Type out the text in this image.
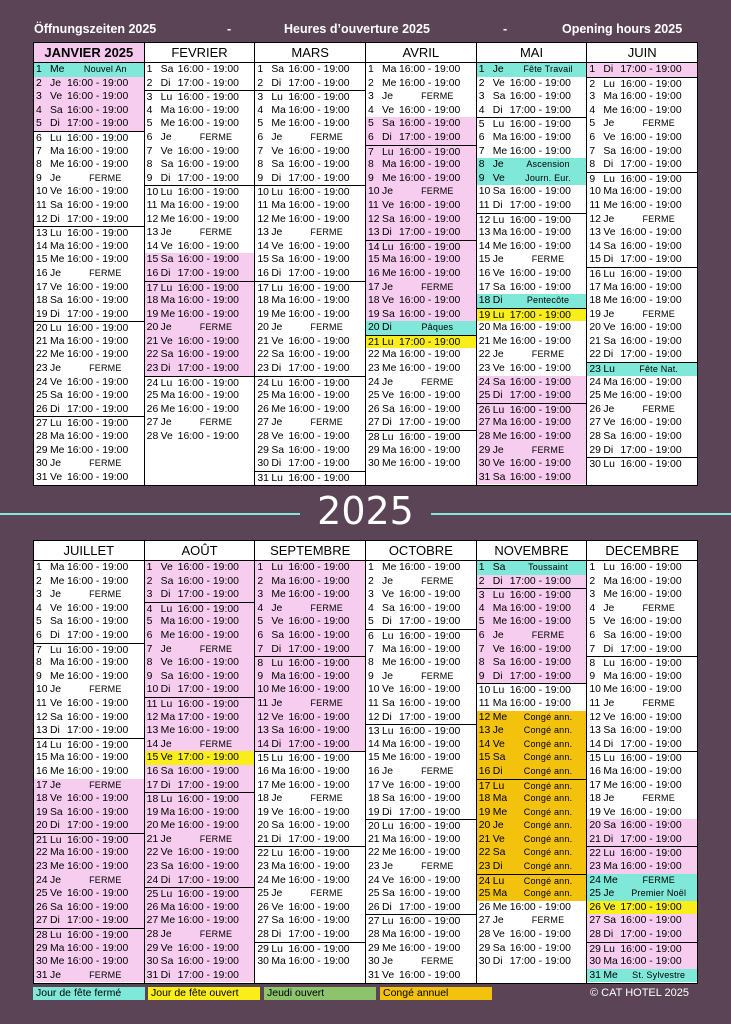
Öffnungszeiten 2025	-	Heures d’ouverture 2025	-	Opening hours 2025
JANVIER 2025
1 Me	Nouvel An
2 Je 16:00 - 19:00
3 Ve 16:00 - 19:00
4 Sa 16:00 - 19:00
5 Di 17:00 - 19:00
6 Lu 16:00 - 19:00
7 Ma 16:00 - 19:00
8 Me 16:00 - 19:00
9 Je	FERME
10 Ve 16:00 - 19:00
11 Sa 16:00 - 19:00
12 Di 17:00 - 19:00
13 Lu 16:00 - 19:00
14 Ma 16:00 - 19:00
15 Me 16:00 - 19:00
16 Je	FERME
17 Ve 16:00 - 19:00
18 Sa 16:00 - 19:00
19 Di 17:00 - 19:00
20 Lu 16:00 - 19:00
21 Ma 16:00 - 19:00
22 Me 16:00 - 19:00
23 Je	FERME
24 Ve 16:00 - 19:00
25 Sa 16:00 - 19:00
26 Di 17:00 - 19:00
27 Lu 16:00 - 19:00
28 Ma 16:00 - 19:00
29 Me 16:00 - 19:00
30 Je	FERME
31 Ve 16:00 - 19:00
FEVRIER
1 Sa 16:00 - 19:00
2 Di 17:00 - 19:00
3 Lu 16:00 - 19:00
4 Ma 16:00 - 19:00
5 Me 16:00 - 19:00
6 Je	FERME
7 Ve 16:00 - 19:00
8 Sa 16:00 - 19:00
9 Di 17:00 - 19:00
10 Lu 16:00 - 19:00
11 Ma 16:00 - 19:00
12 Me 16:00 - 19:00
13 Je	FERME
14 Ve 16:00 - 19:00
15 Sa 16:00 - 19:00
16 Di 17:00 - 19:00
17 Lu 16:00 - 19:00
18 Ma 16:00 - 19:00
19 Me 16:00 - 19:00
20 Je	FERME
21 Ve 16:00 - 19:00
22 Sa 16:00 - 19:00
23 Di 17:00 - 19:00
24 Lu 16:00 - 19:00
25 Ma 16:00 - 19:00
26 Me 16:00 - 19:00
27 Je	FERME
28 Ve 16:00 - 19:00
MARS
1 Sa 16:00 - 19:00
2 Di 17:00 - 19:00
3 Lu 16:00 - 19:00
4 Ma 16:00 - 19:00
5 Me 16:00 - 19:00
6 Je	FERME
7 Ve 16:00 - 19:00
8 Sa 16:00 - 19:00
9 Di 17:00 - 19:00
10 Lu 16:00 - 19:00
11 Ma 16:00 - 19:00
12 Me 16:00 - 19:00
13 Je	FERME
14 Ve 16:00 - 19:00
15 Sa 16:00 - 19:00
16 Di 17:00 - 19:00
17 Lu 16:00 - 19:00
18 Ma 16:00 - 19:00
19 Me 16:00 - 19:00
20 Je	FERME
21 Ve 16:00 - 19:00
22 Sa 16:00 - 19:00
23 Di 17:00 - 19:00
24 Lu 16:00 - 19:00
25 Ma 16:00 - 19:00
26 Me 16:00 - 19:00
27 Je	FERME
28 Ve 16:00 - 19:00
29 Sa 16:00 - 19:00
30 Di 17:00 - 19:00
31 Lu 16:00 - 19:00
AVRIL
1 Ma 16:00 - 19:00
2 Me 16:00 - 19:00
3 Je	FERME
4 Ve 16:00 - 19:00
5 Sa 16:00 - 19:00
6 Di 17:00 - 19:00
7 Lu 16:00 - 19:00
8 Ma 16:00 - 19:00
9 Me 16:00 - 19:00
10 Je	FERME
11 Ve 16:00 - 19:00
12 Sa 16:00 - 19:00
13 Di 17:00 - 19:00
14 Lu 16:00 - 19:00
15 Ma 16:00 - 19:00
16 Me 16:00 - 19:00
17 Je	FERME
18 Ve 16:00 - 19:00
19 Sa 16:00 - 19:00
20 Di	Pâques
21 Lu 17:00 - 19:00
22 Ma 16:00 - 19:00
23 Me 16:00 - 19:00
24 Je	FERME
25 Ve 16:00 - 19:00
26 Sa 16:00 - 19:00
27 Di 17:00 - 19:00
28 Lu 16:00 - 19:00
29 Ma 16:00 - 19:00
30 Me 16:00 - 19:00
MAI
1 Je	Fête Travail
2 Ve 16:00 - 19:00
3 Sa 16:00 - 19:00
4 Di 17:00 - 19:00
5 Lu 16:00 - 19:00
6 Ma 16:00 - 19:00
7 Me 16:00 - 19:00
8 Je	Ascension
9 Ve	Journ. Eur.
10 Sa 16:00 - 19:00
11 Di 17:00 - 19:00
12 Lu 16:00 - 19:00
13 Ma 16:00 - 19:00
14 Me 16:00 - 19:00
15 Je	FERME
16 Ve 16:00 - 19:00
17 Sa 16:00 - 19:00
18 Di	Pentecôte
19 Lu 17:00 - 19:00
20 Ma 16:00 - 19:00
21 Me 16:00 - 19:00
22 Je	FERME
23 Ve 16:00 - 19:00
24 Sa 16:00 - 19:00
25 Di 17:00 - 19:00
26 Lu 16:00 - 19:00
27 Ma 16:00 - 19:00
28 Me 16:00 - 19:00
29 Je	FERME
30 Ve 16:00 - 19:00
31 Sa 16:00 - 19:00
JUIN
1 Di 17:00 - 19:00
2 Lu 16:00 - 19:00
3 Ma 16:00 - 19:00
4 Me 16:00 - 19:00
5 Je	FERME
6 Ve 16:00 - 19:00
7 Sa 16:00 - 19:00
8 Di 17:00 - 19:00
9 Lu 16:00 - 19:00
10 Ma 16:00 - 19:00
11 Me 16:00 - 19:00
12 Je	FERME
13 Ve 16:00 - 19:00
14 Sa 16:00 - 19:00
15 Di 17:00 - 19:00
16 Lu 16:00 - 19:00
17 Ma 16:00 - 19:00
18 Me 16:00 - 19:00
19 Je	FERME
20 Ve 16:00 - 19:00
21 Sa 16:00 - 19:00
22 Di 17:00 - 19:00
23 Lu	Fête Nat.
24 Ma 16:00 - 19:00
25 Me 16:00 - 19:00
26 Je	FERME
27 Ve 16:00 - 19:00
28 Sa 16:00 - 19:00
29 Di 17:00 - 19:00
30 Lu 16:00 - 19:00
2025
JUILLET
1 Ma 16:00 - 19:00
2 Me 16:00 - 19:00
3 Je	FERME
4 Ve 16:00 - 19:00
5 Sa 16:00 - 19:00
6 Di 17:00 - 19:00
7 Lu 16:00 - 19:00
8 Ma 16:00 - 19:00
9 Me 16:00 - 19:00
10 Je	FERME
11 Ve 16:00 - 19:00
12 Sa 16:00 - 19:00
13 Di 17:00 - 19:00
14 Lu 16:00 - 19:00
15 Ma 16:00 - 19:00
16 Me 16:00 - 19:00
17 Je	FERME
18 Ve 16:00 - 19:00
19 Sa 16:00 - 19:00
20 Di 17:00 - 19:00
21 Lu 16:00 - 19:00
22 Ma 16:00 - 19:00
23 Me 16:00 - 19:00
24 Je	FERME
25 Ve 16:00 - 19:00
26 Sa 16:00 - 19:00
27 Di 17:00 - 19:00
28 Lu 16:00 - 19:00
29 Ma 16:00 - 19:00
30 Me 16:00 - 19:00
31 Je	FERME
AOÛT
1 Ve 16:00 - 19:00
2 Sa 16:00 - 19:00
3 Di 17:00 - 19:00
4 Lu 16:00 - 19:00
5 Ma 16:00 - 19:00
6 Me 16:00 - 19:00
7 Je	FERME
8 Ve 16:00 - 19:00
9 Sa 16:00 - 19:00
10 Di 17:00 - 19:00
11 Lu 16:00 - 19:00
12 Ma 17:00 - 19:00
13 Me 16:00 - 19:00
14 Je	FERME
15 Ve 17:00 - 19:00
16 Sa 16:00 - 19:00
17 Di 17:00 - 19:00
18 Lu 16:00 - 19:00
19 Ma 16:00 - 19:00
20 Me 16:00 - 19:00
21 Je	FERME
22 Ve 16:00 - 19:00
23 Sa 16:00 - 19:00
24 Di 17:00 - 19:00
25 Lu 16:00 - 19:00
26 Ma 16:00 - 19:00
27 Me 16:00 - 19:00
28 Je	FERME
29 Ve 16:00 - 19:00
30 Sa 16:00 - 19:00
31 Di 17:00 - 19:00
SEPTEMBRE
1 Lu 16:00 - 19:00
2 Ma 16:00 - 19:00
3 Me 16:00 - 19:00
4 Je	FERME
5 Ve 16:00 - 19:00
6 Sa 16:00 - 19:00
7 Di 17:00 - 19:00
8 Lu 16:00 - 19:00
9 Ma 16:00 - 19:00
10 Me 16:00 - 19:00
11 Je	FERME
12 Ve 16:00 - 19:00
13 Sa 16:00 - 19:00
14 Di 17:00 - 19:00
15 Lu 16:00 - 19:00
16 Ma 16:00 - 19:00
17 Me 16:00 - 19:00
18 Je	FERME
19 Ve 16:00 - 19:00
20 Sa 16:00 - 19:00
21 Di 17:00 - 19:00
22 Lu 16:00 - 19:00
23 Ma 16:00 - 19:00
24 Me 16:00 - 19:00
25 Je	FERME
26 Ve 16:00 - 19:00
27 Sa 16:00 - 19:00
28 Di 17:00 - 19:00
29 Lu 16:00 - 19:00
30 Ma 16:00 - 19:00
OCTOBRE
1 Me 16:00 - 19:00
2 Je	FERME
3 Ve 16:00 - 19:00
4 Sa 16:00 - 19:00
5 Di 17:00 - 19:00
6 Lu 16:00 - 19:00
7 Ma 16:00 - 19:00
8 Me 16:00 - 19:00
9 Je	FERME
10 Ve 16:00 - 19:00
11 Sa 16:00 - 19:00
12 Di 17:00 - 19:00
13 Lu 16:00 - 19:00
14 Ma 16:00 - 19:00
15 Me 16:00 - 19:00
16 Je	FERME
17 Ve 16:00 - 19:00
18 Sa 16:00 - 19:00
19 Di 17:00 - 19:00
20 Lu 16:00 - 19:00
21 Ma 16:00 - 19:00
22 Me 16:00 - 19:00
23 Je	FERME
24 Ve 16:00 - 19:00
25 Sa 16:00 - 19:00
26 Di 17:00 - 19:00
27 Lu 16:00 - 19:00
28 Ma 16:00 - 19:00
29 Me 16:00 - 19:00
30 Je	FERME
31 Ve 16:00 - 19:00
NOVEMBRE
1 Sa	Toussaint
2 Di 17:00 - 19:00
3 Lu 16:00 - 19:00
4 Ma 16:00 - 19:00
5 Me 16:00 - 19:00
6 Je	FERME
7 Ve 16:00 - 19:00
8 Sa 16:00 - 19:00
9 Di 17:00 - 19:00
10 Lu 16:00 - 19:00
11 Ma 16:00 - 19:00
12 Me	Congé ann.
13 Je	Congé ann.
14 Ve	Congé ann.
15 Sa	Congé ann.
16 Di	Congé ann.
17 Lu	Congé ann.
18 Ma	Congé ann.
19 Me	Congé ann.
20 Je	Congé ann.
21 Ve	Congé ann.
22 Sa	Congé ann.
23 Di	Congé ann.
24 Lu	Congé ann.
25 Ma	Congé ann.
26 Me 16:00 - 19:00
27 Je	FERME
28 Ve 16:00 - 19:00
29 Sa 16:00 - 19:00
30 Di 17:00 - 19:00
DECEMBRE
1 Lu 16:00 - 19:00
2 Ma 16:00 - 19:00
3 Me 16:00 - 19:00
4 Je	FERME
5 Ve 16:00 - 19:00
6 Sa 16:00 - 19:00
7 Di 17:00 - 19:00
8 Lu 16:00 - 19:00
9 Ma 16:00 - 19:00
10 Me 16:00 - 19:00
11 Je	FERME
12 Ve 16:00 - 19:00
13 Sa 16:00 - 19:00
14 Di 17:00 - 19:00
15 Lu 16:00 - 19:00
16 Ma 16:00 - 19:00
17 Me 16:00 - 19:00
18 Je	FERME
19 Ve 16:00 - 19:00
20 Sa 16:00 - 19:00
21 Di 17:00 - 19:00
22 Lu 16:00 - 19:00
23 Ma 16:00 - 19:00
24 Me	FERME
25 Je	Premier Noël
26 Ve 17:00 - 19:00
27 Sa 16:00 - 19:00
28 Di 17:00 - 19:00
29 Lu 16:00 - 19:00
30 Ma 16:00 - 19:00
31 Me	St. Sylvestre
Jour de fête fermé	Jour de fête ouvert	Jeudi ouvert	Congé annuel	© CAT HOTEL 2025
